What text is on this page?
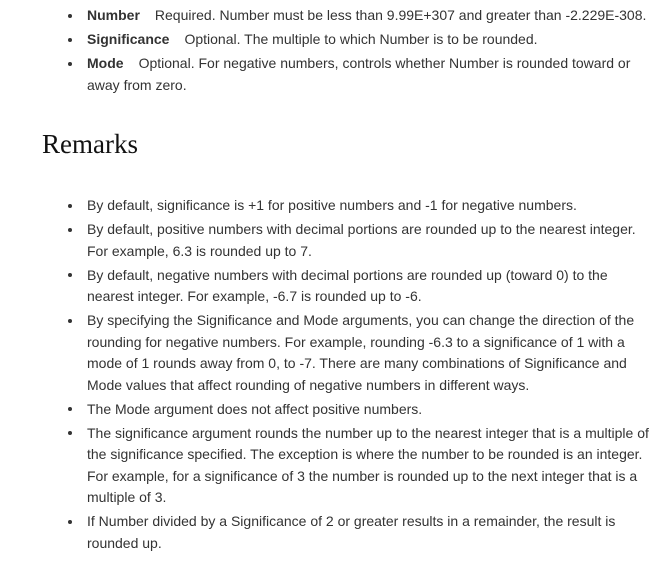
Number Required. Number must be less than 9.99E+307 and greater than -2.229E-308.
Significance Optional. The multiple to which Number is to be rounded.
Mode Optional. For negative numbers, controls whether Number is rounded toward or away from zero.
Remarks
By default, significance is +1 for positive numbers and -1 for negative numbers.
By default, positive numbers with decimal portions are rounded up to the nearest integer. For example, 6.3 is rounded up to 7.
By default, negative numbers with decimal portions are rounded up (toward 0) to the nearest integer. For example, -6.7 is rounded up to -6.
By specifying the Significance and Mode arguments, you can change the direction of the rounding for negative numbers. For example, rounding -6.3 to a significance of 1 with a mode of 1 rounds away from 0, to -7. There are many combinations of Significance and Mode values that affect rounding of negative numbers in different ways.
The Mode argument does not affect positive numbers.
The significance argument rounds the number up to the nearest integer that is a multiple of the significance specified. The exception is where the number to be rounded is an integer. For example, for a significance of 3 the number is rounded up to the next integer that is a multiple of 3.
If Number divided by a Significance of 2 or greater results in a remainder, the result is rounded up.
